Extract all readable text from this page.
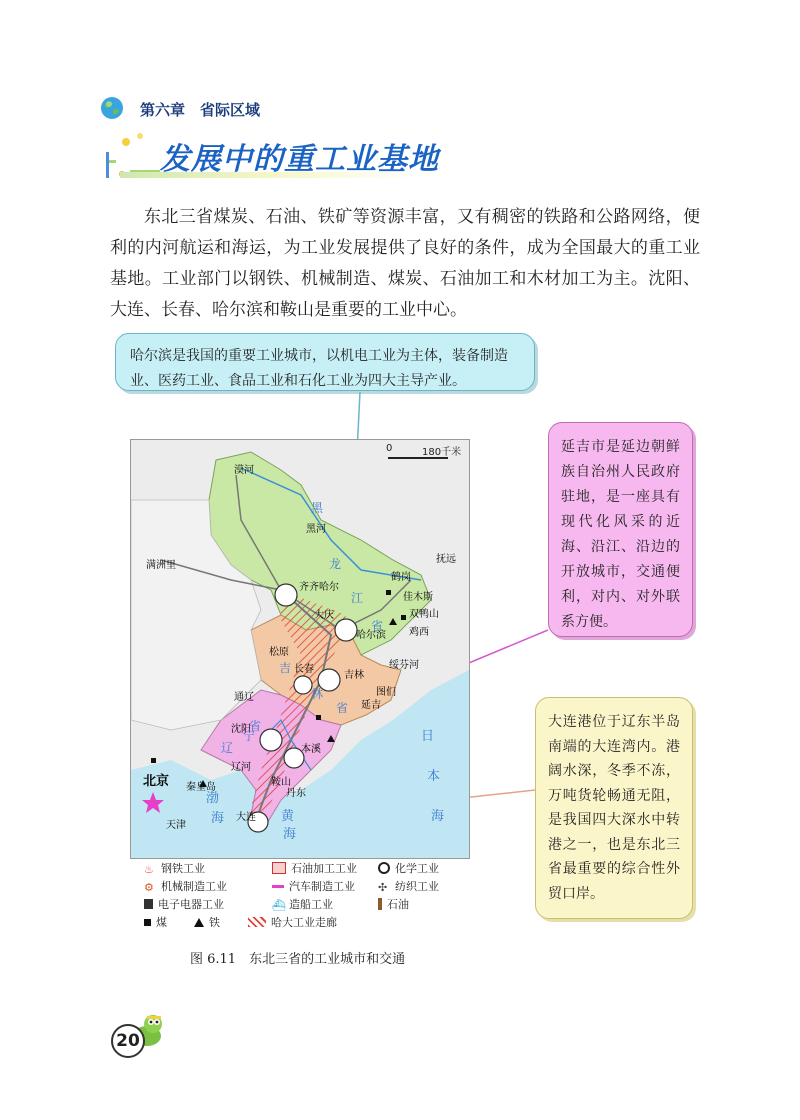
第六章　省际区域
发展中的重工业基地
东北三省煤炭、石油、铁矿等资源丰富，又有稠密的铁路和公路网络，便利的内河航运和海运，为工业发展提供了良好的条件，成为全国最大的重工业基地。工业部门以钢铁、机械制造、煤炭、石油加工和木材加工为主。沈阳、大连、长春、哈尔滨和鞍山是重要的工业中心。
哈尔滨是我国的重要工业城市，以机电工业为主体，装备制造业、医药工业、食品工业和石化工业为四大主导产业。
延吉市是延边朝鲜族自治州人民政府驻地，是一座具有现代化风采的近海、沿江、沿边的开放城市，交通便利，对内、对外联系方便。
大连港位于辽东半岛南端的大连湾内。港阔水深，冬季不冻，万吨货轮畅通无阻，是我国四大深水中转港之一，也是东北三省最重要的综合性外贸口岸。
漠河
黑河
满洲里
齐齐哈尔
大庆
哈尔滨
鹤岗
佳木斯
双鸭山
鸡西
抚远
松原
长春
吉林
绥芬河
通辽	图们
延吉
沈阳
本溪
辽河
鞍山
丹东
大连
北京 秦皇岛
天津
黑
龙
江
省
吉
林
省
辽
宁
省
渤
海	黄
海
日
本
海
0	180千米
♨ 钢铁工业	石油加工工业	化学工业
⚙ 机械制造工业	汽车制造工业 ✣ 纺织工业
电子电器工业	⛴ 造船工业	石油
煤	铁	哈大工业走廊
图 6.11　东北三省的工业城市和交通
20
